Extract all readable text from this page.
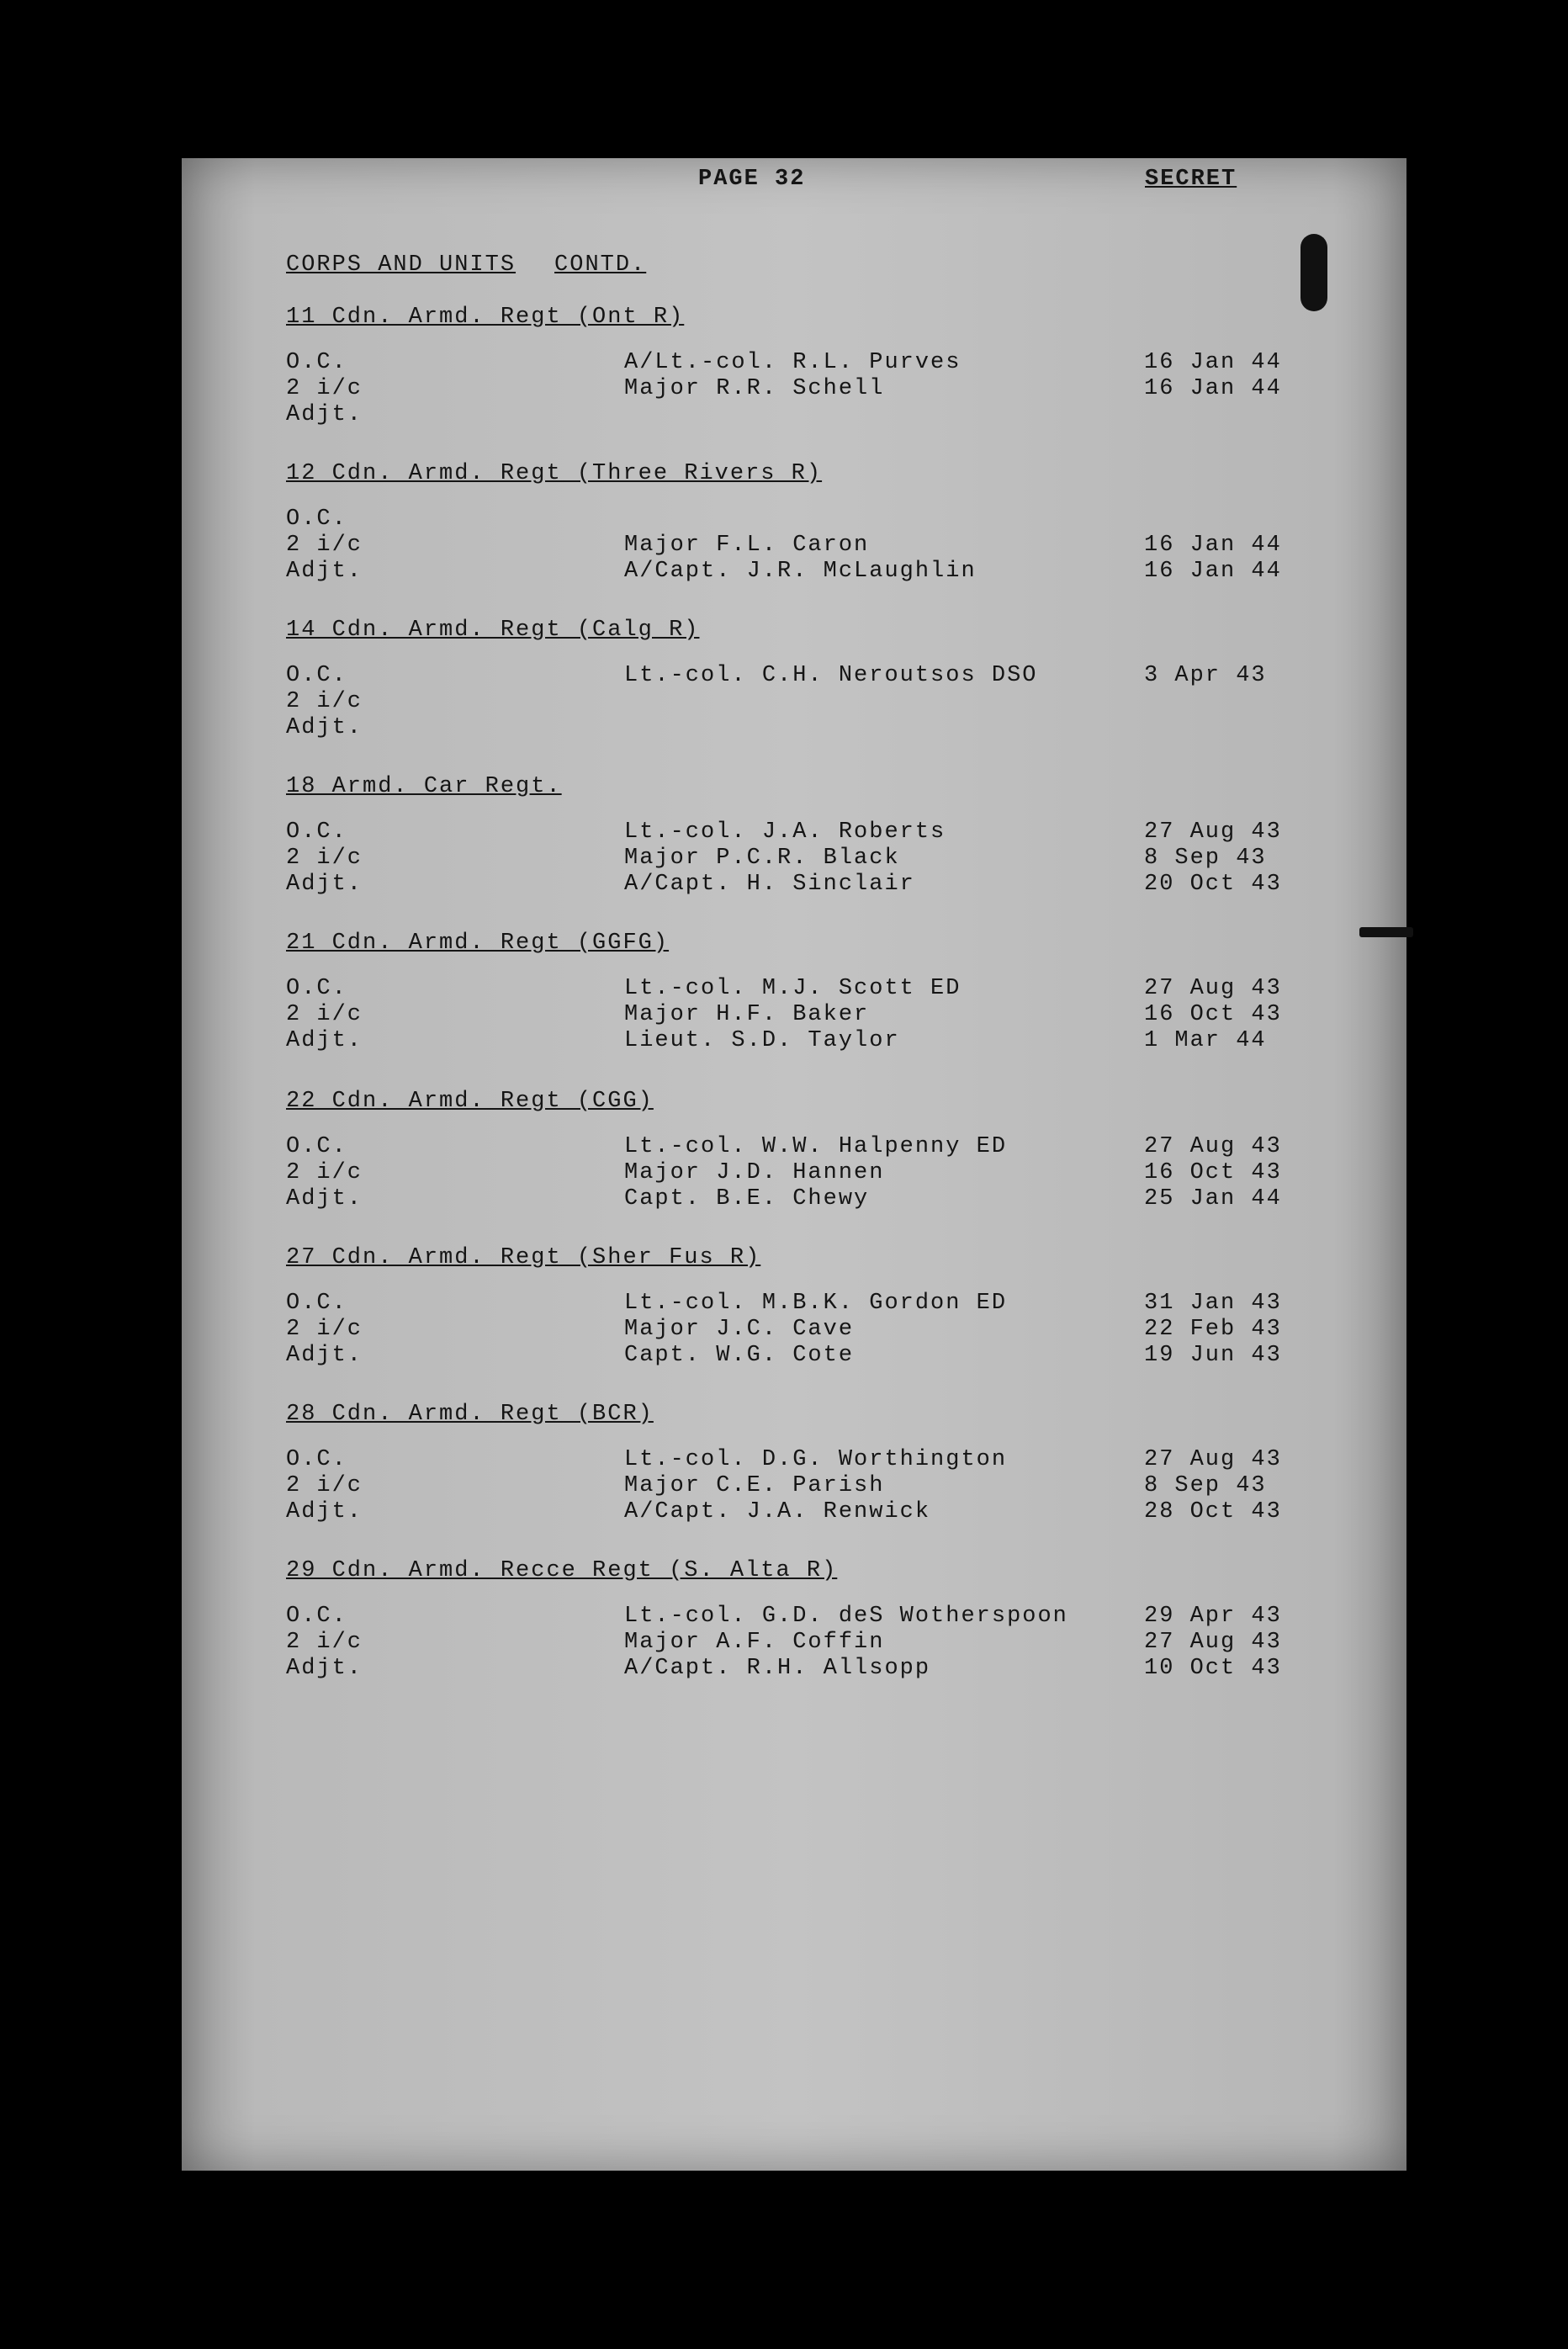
PAGE 32	SECRET
CORPS AND UNITS CONTD.
11 Cdn. Armd. Regt (Ont R)
O.C.	A/Lt.-col. R.L. Purves	16 Jan 44
2 i/c	Major R.R. Schell	16 Jan 44
Adjt.
12 Cdn. Armd. Regt (Three Rivers R)
O.C.
2 i/c	Major F.L. Caron	16 Jan 44
Adjt.	A/Capt. J.R. McLaughlin	16 Jan 44
14 Cdn. Armd. Regt (Calg R)
O.C.	Lt.-col. C.H. Neroutsos DSO	3 Apr 43
2 i/c
Adjt.
18 Armd. Car Regt.
O.C.	Lt.-col. J.A. Roberts	27 Aug 43
2 i/c	Major P.C.R. Black	8 Sep 43
Adjt.	A/Capt. H. Sinclair	20 Oct 43
21 Cdn. Armd. Regt (GGFG)
O.C.	Lt.-col. M.J. Scott ED	27 Aug 43
2 i/c	Major H.F. Baker	16 Oct 43
Adjt.	Lieut. S.D. Taylor	1 Mar 44
22 Cdn. Armd. Regt (CGG)
O.C.	Lt.-col. W.W. Halpenny ED	27 Aug 43
2 i/c	Major J.D. Hannen	16 Oct 43
Adjt.	Capt. B.E. Chewy	25 Jan 44
27 Cdn. Armd. Regt (Sher Fus R)
O.C.	Lt.-col. M.B.K. Gordon ED	31 Jan 43
2 i/c	Major J.C. Cave	22 Feb 43
Adjt.	Capt. W.G. Cote	19 Jun 43
28 Cdn. Armd. Regt (BCR)
O.C.	Lt.-col. D.G. Worthington	27 Aug 43
2 i/c	Major C.E. Parish	8 Sep 43
Adjt.	A/Capt. J.A. Renwick	28 Oct 43
29 Cdn. Armd. Recce Regt (S. Alta R)
O.C.	Lt.-col. G.D. deS Wotherspoon	29 Apr 43
2 i/c	Major A.F. Coffin	27 Aug 43
Adjt.	A/Capt. R.H. Allsopp	10 Oct 43
